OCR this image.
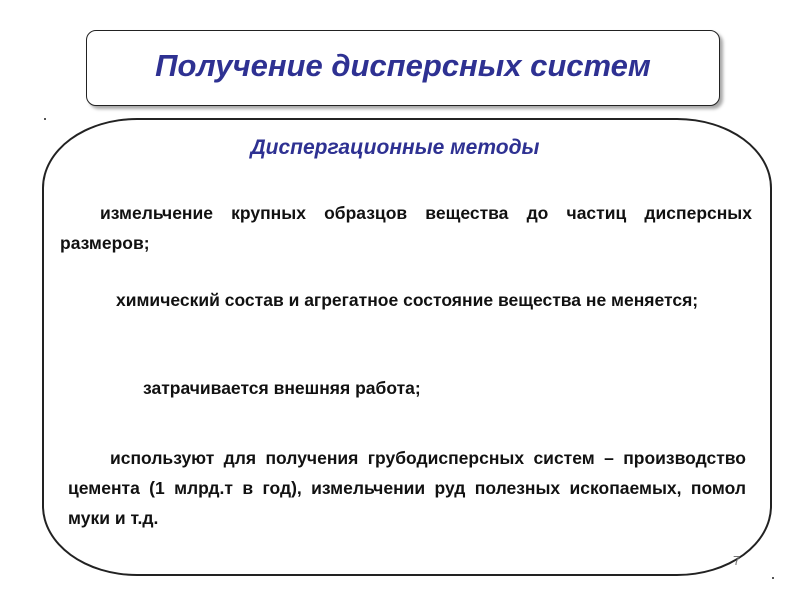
Получение дисперсных систем
Диспергационные методы
измельчение крупных образцов вещества до частиц дисперсных размеров;
химический состав и агрегатное состояние вещества не меняется;
затрачивается внешняя работа;
используют для получения грубодисперсных систем – производство цемента (1 млрд.т в год), измельчении руд полезных ископаемых, помол муки и т.д.
7
